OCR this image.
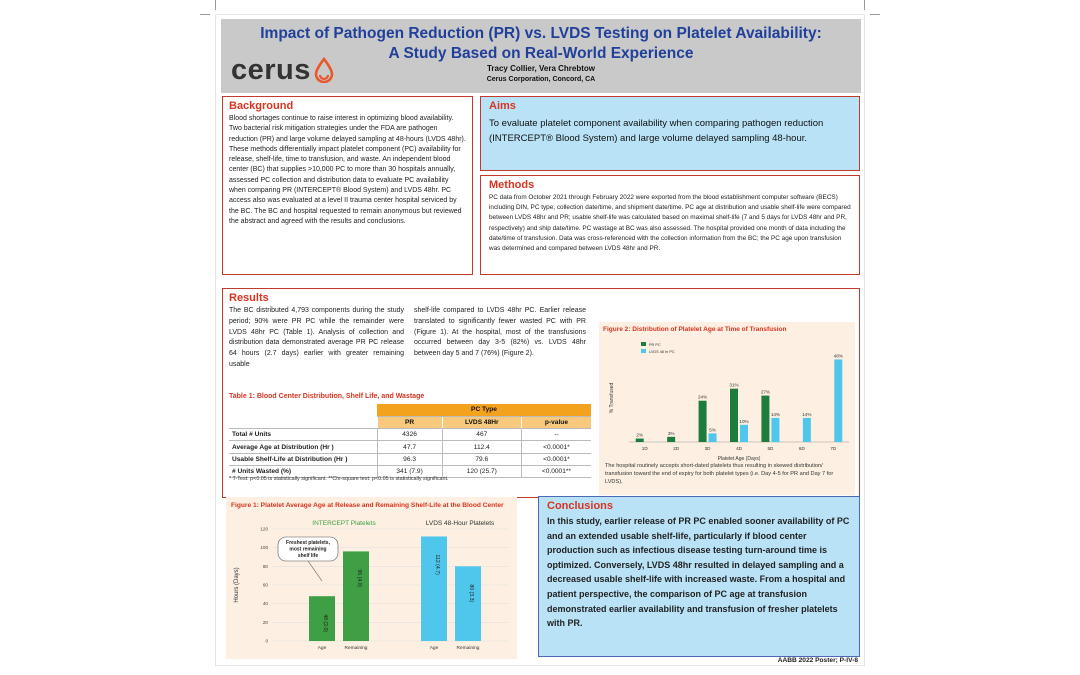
Impact of Pathogen Reduction (PR) vs. LVDS Testing on Platelet Availability:
A Study Based on Real-World Experience
Tracy Collier, Vera Chrebtow
Cerus Corporation, Concord, CA
cerus
Background
Blood shortages continue to raise interest in optimizing blood availability. Two bacterial risk mitigation strategies under the FDA are pathogen reduction (PR) and large volume delayed sampling at 48-hours (LVDS 48hr). These methods differentially impact platelet component (PC) availability for release, shelf-life, time to transfusion, and waste. An independent blood center (BC) that supplies >10,000 PC to more than 30 hospitals annually, assessed PC collection and distribution data to evaluate PC availability when comparing PR (INTERCEPT® Blood System) and LVDS 48hr. PC access also was evaluated at a level II trauma center hospital serviced by the BC. The BC and hospital requested to remain anonymous but reviewed the abstract and agreed with the results and conclusions.
Aims
To evaluate platelet component availability when comparing pathogen reduction (INTERCEPT® Blood System) and large volume delayed sampling 48-hour.
Methods
PC data from October 2021 through February 2022 were exported from the blood establishment computer software (BECS) including DIN, PC type, collection date/time, and shipment date/time. PC age at distribution and usable shelf-life were compared between LVDS 48hr and PR; usable shelf-life was calculated based on maximal shelf-life (7 and 5 days for LVDS 48hr and PR, respectively) and ship date/time. PC wastage at BC was also assessed. The hospital provided one month of data including the date/time of transfusion. Data was cross-referenced with the collection information from the BC; the PC age upon transfusion was determined and compared between LVDS 48hr and PR.
Results
The BC distributed 4,793 components during the study period; 90% were PR PC while the remainder were LVDS 48hr PC (Table 1). Analysis of collection and distribution data demonstrated average PR PC release 64 hours (2.7 days) earlier with greater remaining usable
shelf-life compared to LVDS 48hr PC. Earlier release translated to significantly fewer wasted PC with PR (Figure 1). At the hospital, most of the transfusions occurred between day 3-5 (82%) vs. LVDS 48hr between day 5 and 7 (76%) (Figure 2).
Table 1: Blood Center Distribution, Shelf Life, and Wastage
	PC Type		
	PR	LVDS 48Hr	p-value
Total # Units	4326	467	--
Average Age at Distribution (Hr )	47.7	112.4	<0.0001*
Usable Shelf-Life at Distribution (Hr )	96.3	79.6	<0.0001*
# Units Wasted (%)	341 (7.9)	120 (25.7)	<0.0001**
* T-Test: p<0.05 is statistically significant. **Chi-square test: p<0.05 is statistically significant.
Figure 2: Distribution of Platelet Age at Time of Transfusion
% Transfused
Platelet Age (Days)
PR PC
LVDS 48 hr PC
1D
2%
2D
3%
3D
24%
5%
4D
31%
10%
5D
27%
14%
6D
14%
7D
48%
The hospital routinely accepts short-dated platelets thus resulting in skewed distribution/ transfusion toward the end of expiry for both platelet types (i.e. Day 4-5 for PR and Day 7 for LVDS).
Figure 1: Platelet Average Age at Release and Remaining Shelf-Life at the Blood Center
Hours (Days)
0
20
40
60
80
100
120
INTERCEPT Platelets	LVDS 48-Hour Platelets
48 (2.0)
Age
96 (4.0)
Remaining
112 (4.7)
Age
80 (3.3)
Remaining
Freshest platelets,
most remaining
shelf life
Conclusions
In this study, earlier release of PR PC enabled sooner availability of PC and an extended usable shelf-life, particularly if blood center production such as infectious disease testing turn-around time is optimized. Conversely, LVDS 48hr resulted in delayed sampling and a decreased usable shelf-life with increased waste. From a hospital and patient perspective, the comparison of PC age at transfusion demonstrated earlier availability and transfusion of fresher platelets with PR.
AABB 2022 Poster; P-IV-8
